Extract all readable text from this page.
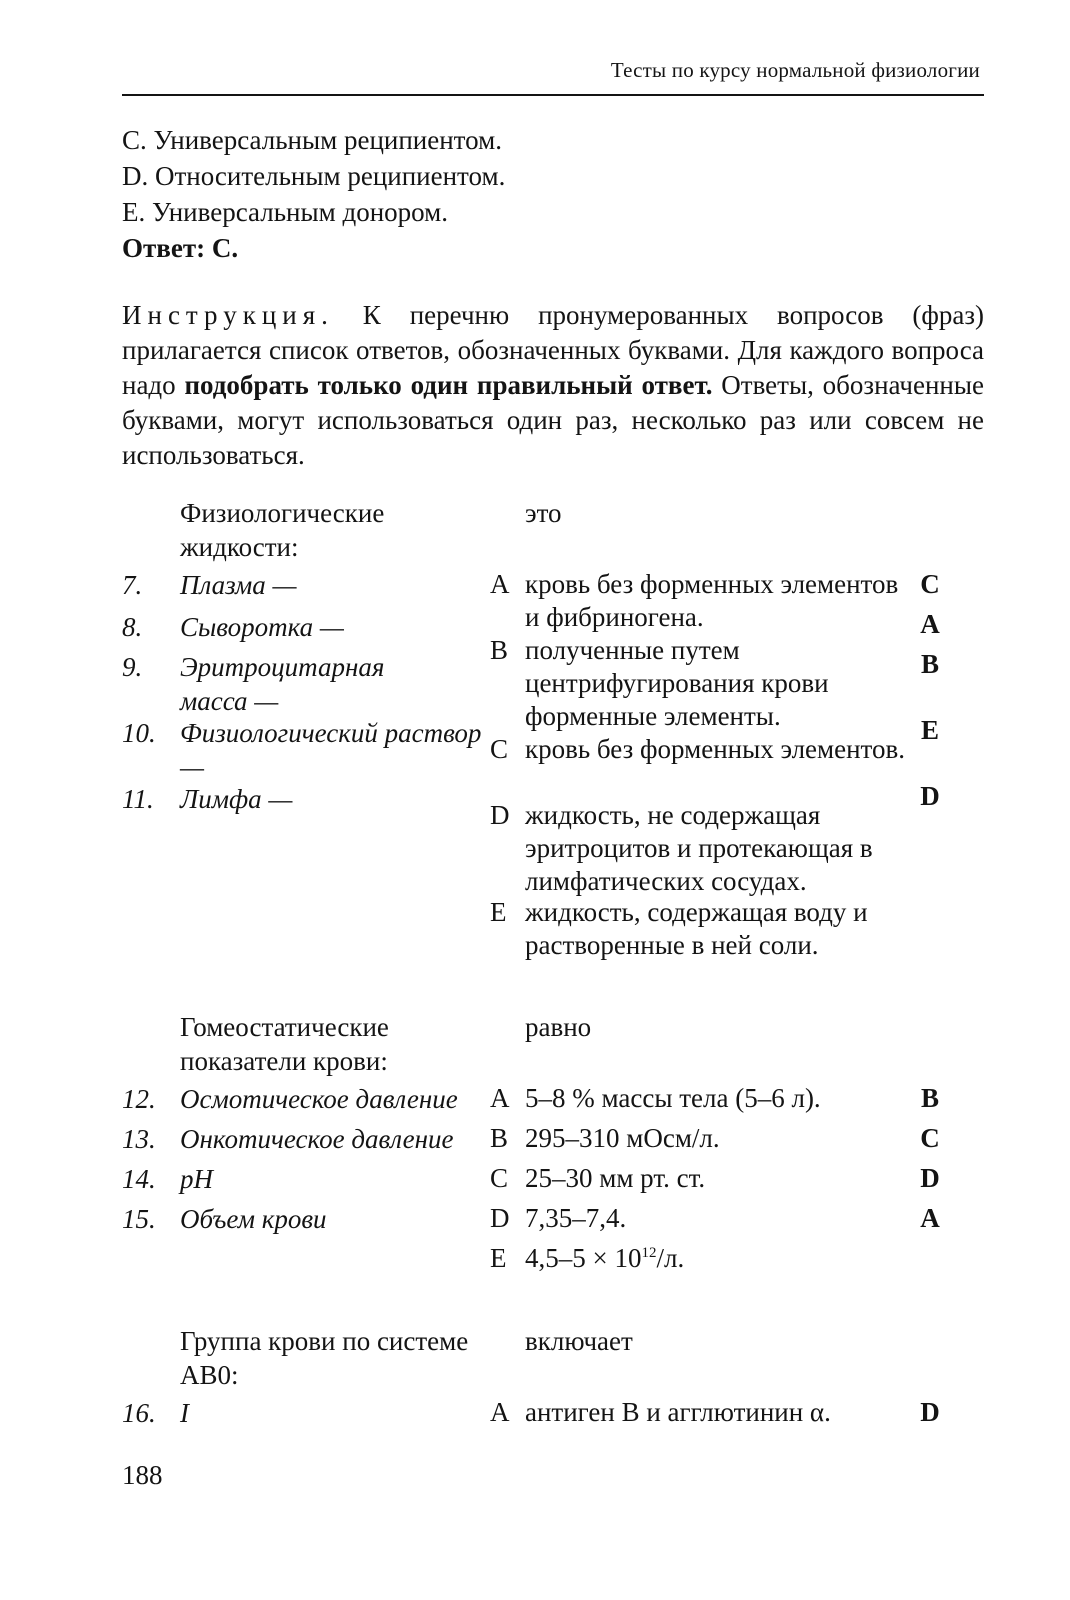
Тесты по курсу нормальной физиологии
С. Универсальным реципиентом.
D. Относительным реципиентом.
Е. Универсальным донором.
Ответ: С.
Инструкция. К перечню пронумерованных вопросов (фраз) прилагается список ответов, обозначенных буквами. Для каждого вопроса надо подобрать только один правильный ответ. Ответы, обозначенные буквами, могут использоваться один раз, несколько раз или совсем не использоваться.
Физиологические жидкости:
это
7. Плазма —
8. Сыворотка —
9. Эритроцитарная масса —
10. Физиологический раствор —
11. Лимфа —
А кровь без форменных элементов и фибриногена.
В полученные путем центрифугирования крови форменные элементы.
С кровь без форменных элементов.
D жидкость, не содержащая эритроцитов и протекающая в лимфатических сосудах.
Е жидкость, содержащая воду и растворенные в ней соли.
С
А
В
Е
D
Гомеостатические показатели крови:
равно
12. Осмотическое давление
13. Онкотическое давление
14. pH
15. Объем крови
А 5–8 % массы тела (5–6 л).
В 295–310 мОсм/л.
С 25–30 мм рт. ст.
D 7,35–7,4.
Е $4,5-5 \times 10^{12}/л$.
В
С
D
А
Группа крови по системе АВ0:
включает
16. I	А антиген В и агглютинин α.	D
188
